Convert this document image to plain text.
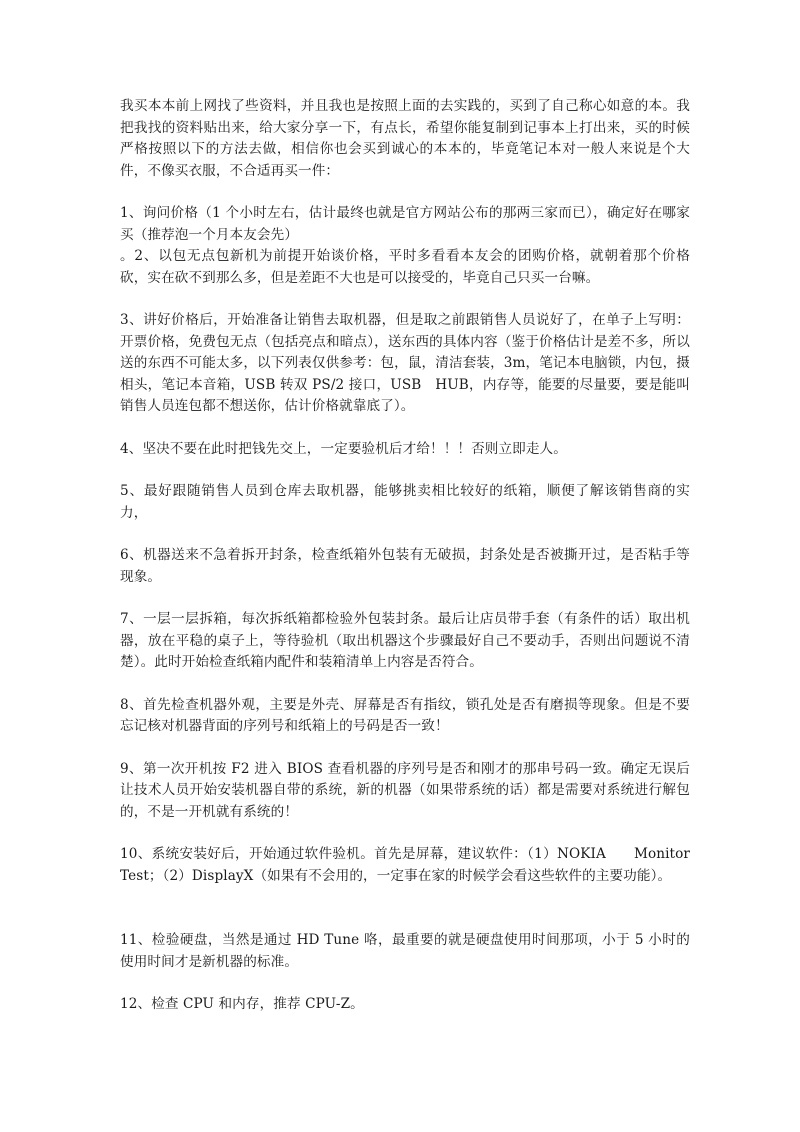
我买本本前上网找了些资料，并且我也是按照上面的去实践的，买到了自己称心如意的本。我把我找的资料贴出来，给大家分享一下，有点长，希望你能复制到记事本上打出来，买的时候严格按照以下的方法去做，相信你也会买到诚心的本本的，毕竟笔记本对一般人来说是个大件，不像买衣服，不合适再买一件：

1、询问价格（1 个小时左右，估计最终也就是官方网站公布的那两三家而已），确定好在哪家买（推荐泡一个月本友会先）

。2、以包无点包新机为前提开始谈价格，平时多看看本友会的团购价格，就朝着那个价格砍，实在砍不到那么多，但是差距不大也是可以接受的，毕竟自己只买一台嘛。

3、讲好价格后，开始准备让销售去取机器，但是取之前跟销售人员说好了，在单子上写明：开票价格，免费包无点（包括亮点和暗点），送东西的具体内容（鉴于价格估计是差不多，所以送的东西不可能太多，以下列表仅供参考：包，鼠，清洁套装，3m，笔记本电脑锁，内包，摄相头，笔记本音箱，USB 转双 PS/2 接口，USB　HUB，内存等，能要的尽量要，要是能叫销售人员连包都不想送你，估计价格就靠底了）。

4、坚决不要在此时把钱先交上，一定要验机后才给！！！否则立即走人。

5、最好跟随销售人员到仓库去取机器，能够挑卖相比较好的纸箱，顺便了解该销售商的实力，

6、机器送来不急着拆开封条，检查纸箱外包装有无破损，封条处是否被撕开过，是否粘手等现象。

7、一层一层拆箱，每次拆纸箱都检验外包装封条。最后让店员带手套（有条件的话）取出机器，放在平稳的桌子上，等待验机（取出机器这个步骤最好自己不要动手，否则出问题说不清楚）。此时开始检查纸箱内配件和装箱清单上内容是否符合。

8、首先检查机器外观，主要是外壳、屏幕是否有指纹，锁孔处是否有磨损等现象。但是不要忘记核对机器背面的序列号和纸箱上的号码是否一致！

9、第一次开机按 F2 进入 BIOS 查看机器的序列号是否和刚才的那串号码一致。确定无误后让技术人员开始安装机器自带的系统，新的机器（如果带系统的话）都是需要对系统进行解包的，不是一开机就有系统的！

10、系统安装好后，开始通过软件验机。首先是屏幕，建议软件：（1）NOKIA　　Monitor Test；（2）DisplayX（如果有不会用的，一定事在家的时候学会看这些软件的主要功能）。

11、检验硬盘，当然是通过 HD Tune 咯，最重要的就是硬盘使用时间那项，小于 5 小时的使用时间才是新机器的标准。

12、检查 CPU 和内存，推荐 CPU-Z。
